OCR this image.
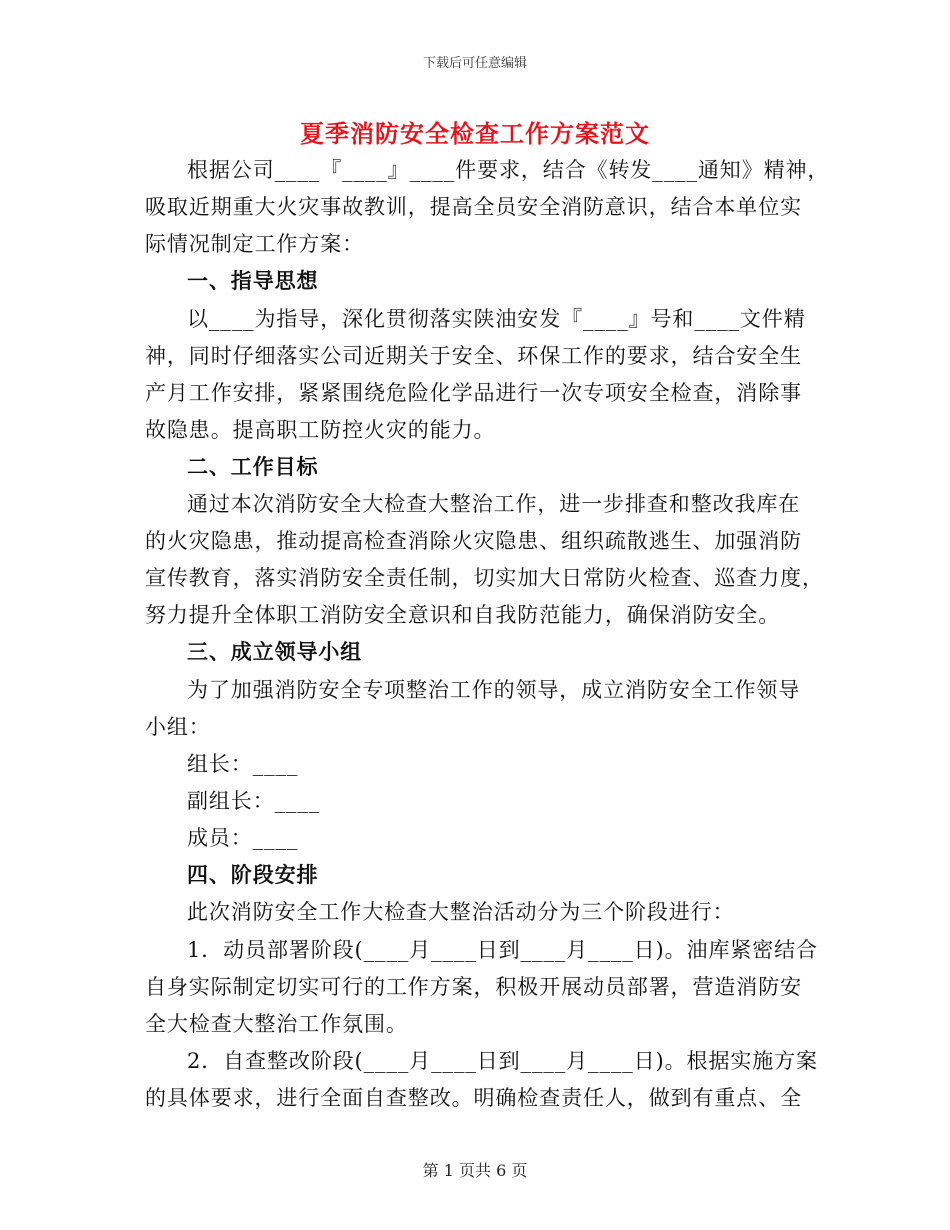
下载后可任意编辑
夏季消防安全检查工作方案范文
根据公司____『____』____件要求，结合《转发____通知》精神，
吸取近期重大火灾事故教训，提高全员安全消防意识，结合本单位实
际情况制定工作方案：
一、指导思想
以____为指导，深化贯彻落实陕油安发『____』号和____文件精
神，同时仔细落实公司近期关于安全、环保工作的要求，结合安全生
产月工作安排，紧紧围绕危险化学品进行一次专项安全检查，消除事
故隐患。提高职工防控火灾的能力。
二、工作目标
通过本次消防安全大检查大整治工作，进一步排查和整改我库在
的火灾隐患，推动提高检查消除火灾隐患、组织疏散逃生、加强消防
宣传教育，落实消防安全责任制，切实加大日常防火检查、巡查力度，
努力提升全体职工消防安全意识和自我防范能力，确保消防安全。
三、成立领导小组
为了加强消防安全专项整治工作的领导，成立消防安全工作领导
小组：
组长：____
副组长：____
成员：____
四、阶段安排
此次消防安全工作大检查大整治活动分为三个阶段进行：
1．动员部署阶段(____月____日到____月____日)。油库紧密结合
自身实际制定切实可行的工作方案，积极开展动员部署，营造消防安
全大检查大整治工作氛围。
2．自查整改阶段(____月____日到____月____日)。根据实施方案
的具体要求，进行全面自查整改。明确检查责任人，做到有重点、全
第 1 页共 6 页
